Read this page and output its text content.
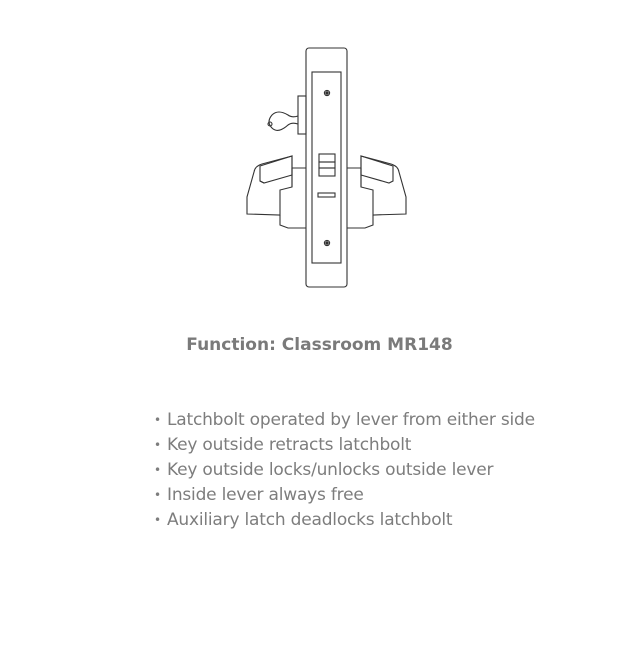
Function: Classroom MR148
• Latchbolt operated by lever from either side
• Key outside retracts latchbolt
• Key outside locks/unlocks outside lever
• Inside lever always free
• Auxiliary latch deadlocks latchbolt
